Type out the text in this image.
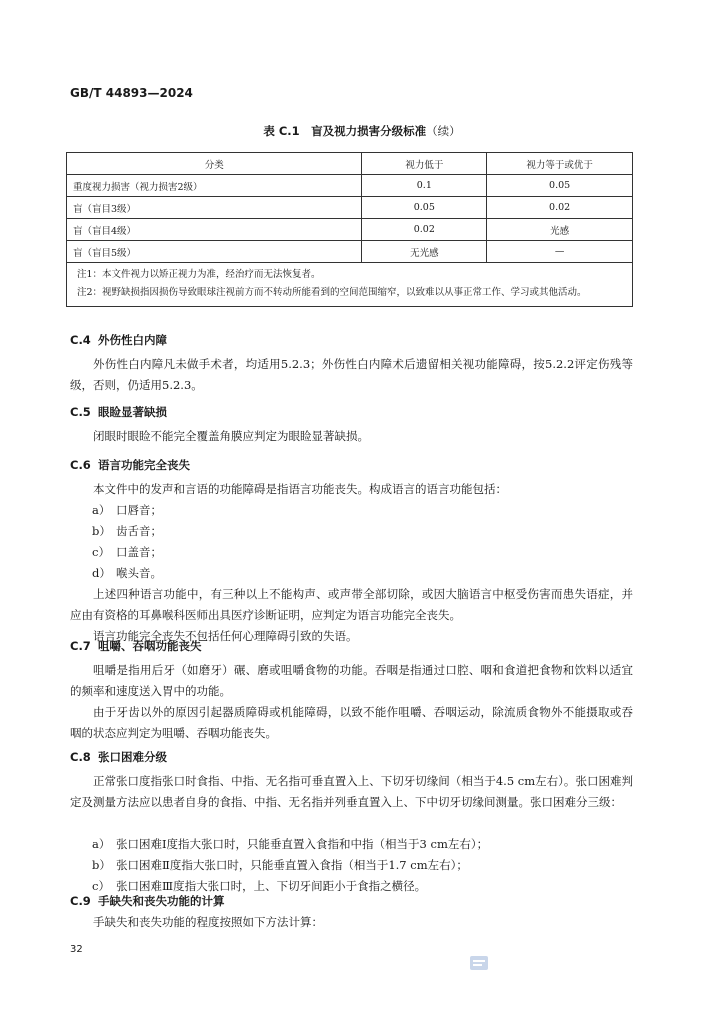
GB/T 44893—2024
表 C.1　盲及视力损害分级标准（续）
分类	视力低于	视力等于或优于
重度视力损害（视力损害2级）	0.1	0.05
盲（盲目3级）	0.05	0.02
盲（盲目4级）	0.02	光感
盲（盲目5级）	无光感	—

注1： 本文件视力以矫正视力为准，经治疗而无法恢复者。
注2： 视野缺损指因损伤导致眼球注视前方而不转动所能看到的空间范围缩窄，以致难以从事正常工作、学习或其他活动。		
C.4 外伤性白内障
外伤性白内障凡未做手术者，均适用5.2.3；外伤性白内障术后遗留相关视功能障碍，按5.2.2评定伤残等级，否则，仍适用5.2.3。
C.5 眼睑显著缺损
闭眼时眼睑不能完全覆盖角膜应判定为眼睑显著缺损。
C.6 语言功能完全丧失
本文件中的发声和言语的功能障碍是指语言功能丧失。构成语言的语言功能包括：
a） 口唇音；
b） 齿舌音；
c） 口盖音；
d） 喉头音。
上述四种语言功能中，有三种以上不能构声、或声带全部切除，或因大脑语言中枢受伤害而患失语症，并应由有资格的耳鼻喉科医师出具医疗诊断证明，应判定为语言功能完全丧失。
语言功能完全丧失不包括任何心理障碍引致的失语。
C.7 咀嚼、吞咽功能丧失
咀嚼是指用后牙（如磨牙）碾、磨或咀嚼食物的功能。吞咽是指通过口腔、咽和食道把食物和饮料以适宜的频率和速度送入胃中的功能。
由于牙齿以外的原因引起器质障碍或机能障碍，以致不能作咀嚼、吞咽运动，除流质食物外不能摄取或吞咽的状态应判定为咀嚼、吞咽功能丧失。
C.8 张口困难分级
正常张口度指张口时食指、中指、无名指可垂直置入上、下切牙切缘间（相当于4.5 cm左右）。张口困难判定及测量方法应以患者自身的食指、中指、无名指并列垂直置入上、下中切牙切缘间测量。张口困难分三级：
a） 张口困难Ⅰ度指大张口时，只能垂直置入食指和中指（相当于3 cm左右）；
b） 张口困难Ⅱ度指大张口时，只能垂直置入食指（相当于1.7 cm左右）；
c） 张口困难Ⅲ度指大张口时，上、下切牙间距小于食指之横径。
C.9 手缺失和丧失功能的计算
手缺失和丧失功能的程度按照如下方法计算：
32
